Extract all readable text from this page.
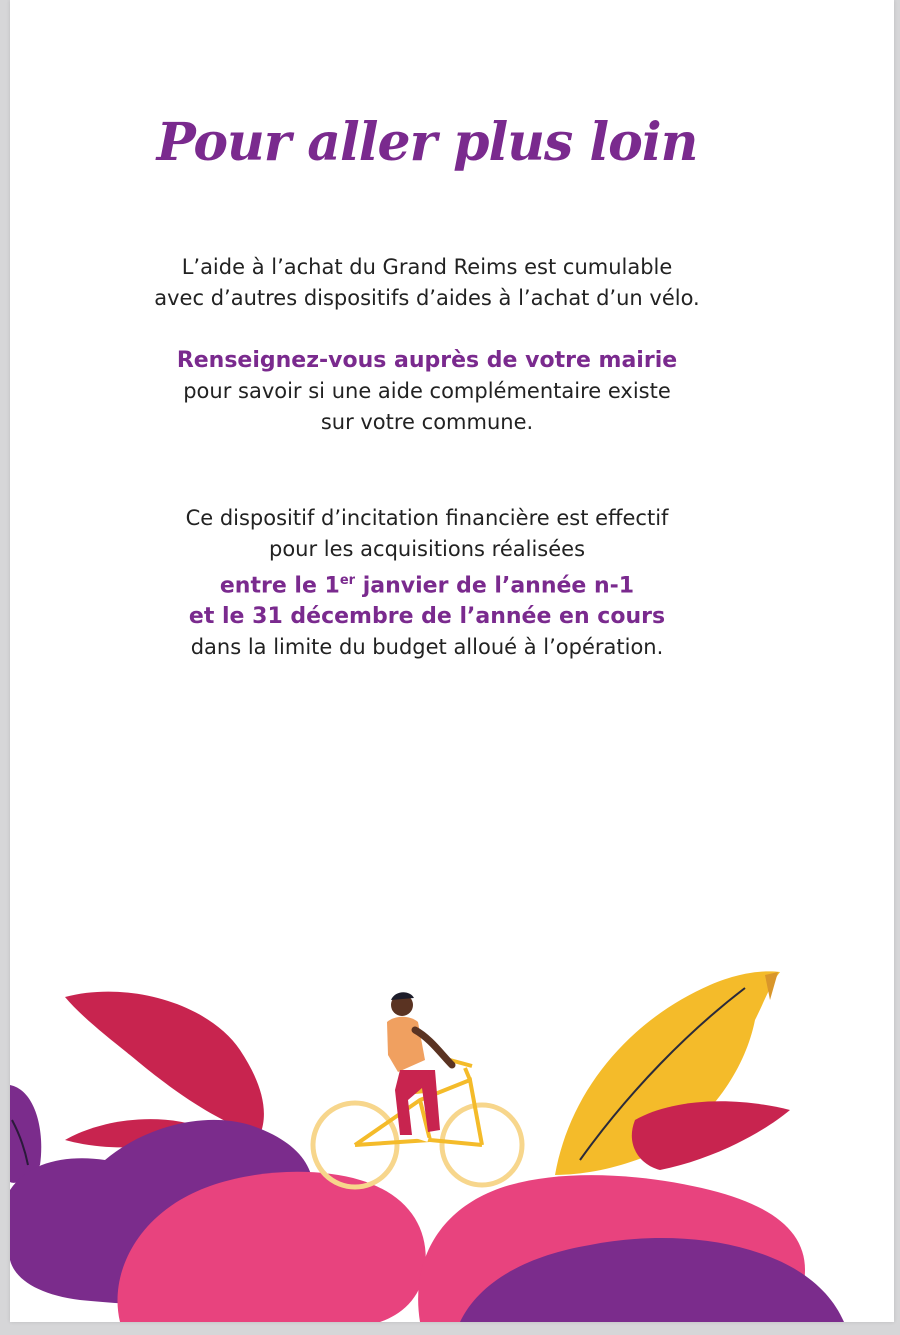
Pour aller plus loin

L’aide à l’achat du Grand Reims est cumulable

avec d’autres dispositifs d’aides à l’achat d’un vélo.

Renseignez-vous auprès de votre mairie

pour savoir si une aide complémentaire existe

sur votre commune.

Ce dispositif d’incitation financière est effectif

pour les acquisitions réalisées

entre le 1er janvier de l’année n-1

et le 31 décembre de l’année en cours

dans la limite du budget alloué à l’opération.
